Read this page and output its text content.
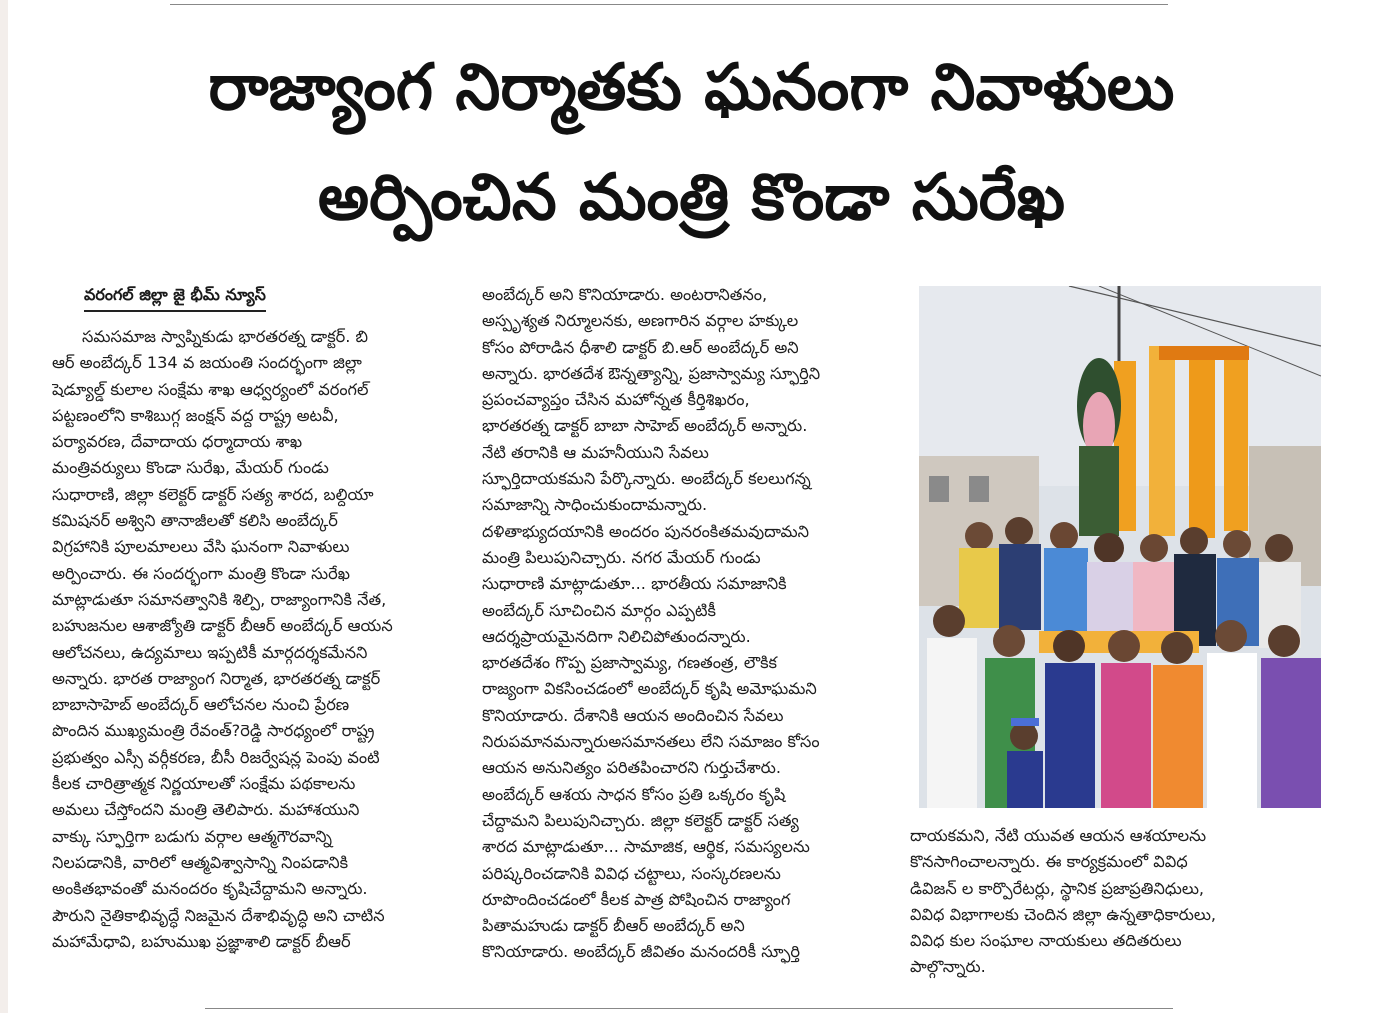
రాజ్యాంగ నిర్మాతకు ఘనంగా నివాళులు
అర్పించిన మంత్రి కొండా సురేఖ
వరంగల్ జిల్లా జై భీమ్ న్యూస్

సమసమాజ స్వాప్నికుడు భారతరత్న డాక్టర్. బి

ఆర్ అంబేద్కర్ 134 వ జయంతి సందర్భంగా జిల్లా

షెడ్యూల్డ్ కులాల సంక్షేమ శాఖ ఆధ్వర్యంలో వరంగల్

పట్టణంలోని కాశిబుగ్గ జంక్షన్ వద్ద రాష్ట్ర అటవీ,

పర్యావరణ, దేవాదాయ ధర్మాదాయ శాఖ

మంత్రివర్యులు కొండా సురేఖ, మేయర్ గుండు

సుధారాణి, జిల్లా కలెక్టర్ డాక్టర్ సత్య శారద, బల్దియా

కమిషనర్ అశ్విని తానాజీలతో కలిసి అంబేద్కర్

విగ్రహానికి పూలమాలలు వేసి ఘనంగా నివాళులు

అర్పించారు. ఈ సందర్భంగా మంత్రి కొండా సురేఖ

మాట్లాడుతూ సమానత్వానికి శిల్పి, రాజ్యాంగానికి నేత,

బహుజనుల ఆశాజ్యోతి డాక్టర్ బీఆర్ అంబేద్కర్ ఆయన

ఆలోచనలు, ఉద్యమాలు ఇప్పటికీ మార్గదర్శకమేనని

అన్నారు. భారత రాజ్యాంగ నిర్మాత, భారతరత్న డాక్టర్

బాబాసాహెబ్ అంబేద్కర్ ఆలోచనల నుంచి ప్రేరణ

పొందిన ముఖ్యమంత్రి రేవంత్?రెడ్డి సారధ్యంలో రాష్ట్ర

ప్రభుత్వం ఎస్సీ వర్గీకరణ, బీసీ రిజర్వేషన్ల పెంపు వంటి

కీలక చారిత్రాత్మక నిర్ణయాలతో సంక్షేమ పథకాలను

అమలు చేస్తోందని మంత్రి తెలిపారు. మహాశయుని

వాక్కు స్ఫూర్తిగా బడుగు వర్గాల ఆత్మగౌరవాన్ని

నిలపడానికి, వారిలో ఆత్మవిశ్వాసాన్ని నింపడానికి

అంకితభావంతో మనందరం కృషిచేద్దామని అన్నారు.

పౌరుని నైతికాభివృద్ధే నిజమైన దేశాభివృద్ధి అని చాటిన

మహామేధావి, బహుముఖ ప్రజ్ఞాశాలి డాక్టర్ బీఆర్

అంబేద్కర్ అని కొనియాడారు. అంటరానితనం,

అస్పృశ్యత నిర్మూలనకు, అణగారిన వర్గాల హక్కుల

కోసం పోరాడిన ధీశాలి డాక్టర్ బి.ఆర్ అంబేద్కర్ అని

అన్నారు. భారతదేశ ఔన్నత్యాన్ని, ప్రజాస్వామ్య స్ఫూర్తిని

ప్రపంచవ్యాప్తం చేసిన మహోన్నత కీర్తిశిఖరం,

భారతరత్న డాక్టర్ బాబా సాహెబ్ అంబేద్కర్ అన్నారు.

నేటి తరానికి ఆ మహనీయుని సేవలు

స్ఫూర్తిదాయకమని పేర్కొన్నారు. అంబేద్కర్ కలలుగన్న

సమాజాన్ని సాధించుకుందామన్నారు.

దళితాభ్యుదయానికి అందరం పునరంకితమవుదామని

మంత్రి పిలుపునిచ్చారు. నగర మేయర్ గుండు

సుధారాణి మాట్లాడుతూ... భారతీయ సమాజానికి

అంబేద్కర్ సూచించిన మార్గం ఎప్పటికీ

ఆదర్శప్రాయమైనదిగా నిలిచిపోతుందన్నారు.

భారతదేశం గొప్ప ప్రజాస్వామ్య, గణతంత్ర, లౌకిక

రాజ్యంగా వికసించడంలో అంబేద్కర్ కృషి అమోఘమని

కొనియాడారు. దేశానికి ఆయన అందించిన సేవలు

నిరుపమానమన్నారుఅసమానతలు లేని సమాజం కోసం

ఆయన అనునిత్యం పరితపించారని గుర్తుచేశారు.

అంబేద్కర్ ఆశయ సాధన కోసం ప్రతి ఒక్కరం కృషి

చేద్దామని పిలుపునిచ్చారు. జిల్లా కలెక్టర్ డాక్టర్ సత్య

శారద మాట్లాడుతూ... సామాజిక, ఆర్థిక, సమస్యలను

పరిష్కరించడానికి వివిధ చట్టాలు, సంస్కరణలను

రూపొందించడంలో కీలక పాత్ర పోషించిన రాజ్యాంగ

పితామహుడు డాక్టర్ బీఆర్ అంబేద్కర్ అని

కొనియాడారు. అంబేద్కర్ జీవితం మనందరికీ స్ఫూర్తి

దాయకమని, నేటి యువత ఆయన ఆశయాలను

కొనసాగించాలన్నారు. ఈ కార్యక్రమంలో వివిధ

డివిజన్ ల కార్పొరేటర్లు, స్థానిక ప్రజాప్రతినిధులు,

వివిధ విభాగాలకు చెందిన జిల్లా ఉన్నతాధికారులు,

వివిధ కుల సంఘాల నాయకులు తదితరులు

పాల్గొన్నారు.
